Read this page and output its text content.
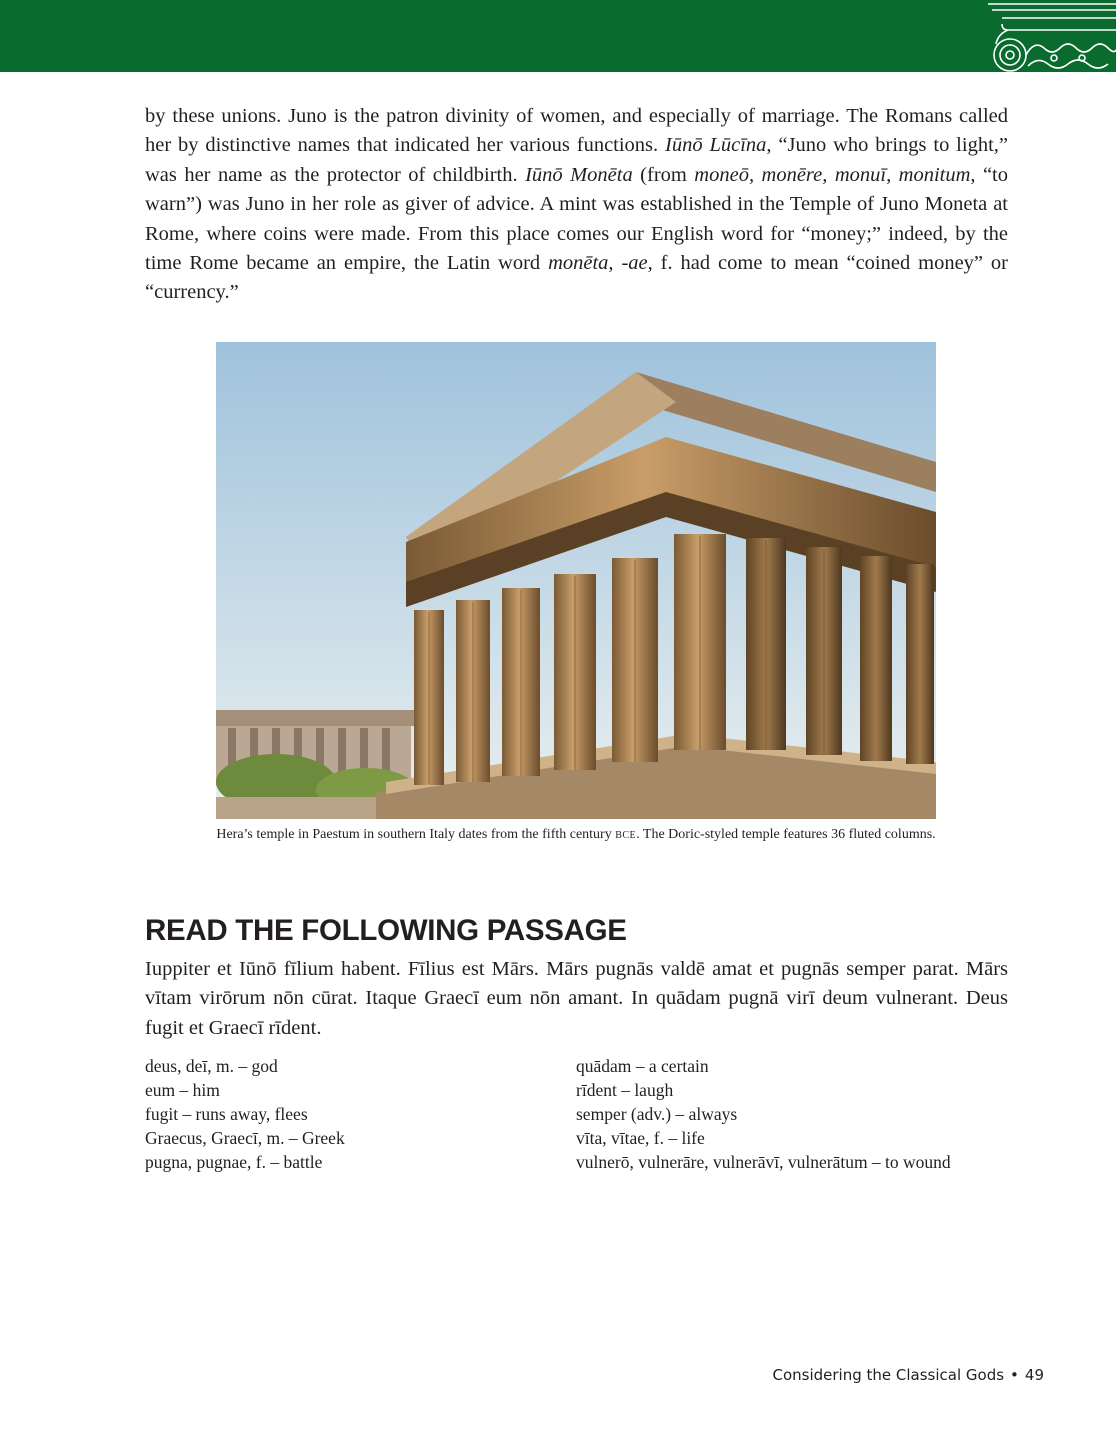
by these unions. Juno is the patron divinity of women, and especially of marriage. The Romans called her by distinctive names that indicated her various functions. Iūnō Lūcīna, “Juno who brings to light,” was her name as the protector of childbirth. Iūnō Monēta (from moneō, monēre, monuī, monitum, “to warn”) was Juno in her role as giver of advice. A mint was established in the Temple of Juno Moneta at Rome, where coins were made. From this place comes our English word for “money;” indeed, by the time Rome became an empire, the Latin word monēta, -ae, f. had come to mean “coined money” or “currency.”

Hera’s temple in Paestum in southern Italy dates from the fifth century bce. The Doric-styled temple features 36 fluted columns.

READ THE FOLLOWING PASSAGE

Iuppiter et Iūnō fīlium habent. Fīlius est Mārs. Mārs pugnās valdē amat et pugnās semper parat. Mārs vītam virōrum nōn cūrat. Itaque Graecī eum nōn amant. In quādam pugnā virī deum vulnerant. Deus fugit et Graecī rīdent.

deus, deī, m. – god
eum – him
fugit – runs away, flees
Graecus, Graecī, m. – Greek
pugna, pugnae, f. – battle
quādam – a certain
rīdent – laugh
semper (adv.) – always
vīta, vītae, f. – life
vulnerō, vulnerāre, vulnerāvī, vulnerātum – to wound
Considering the Classical Gods • 49
